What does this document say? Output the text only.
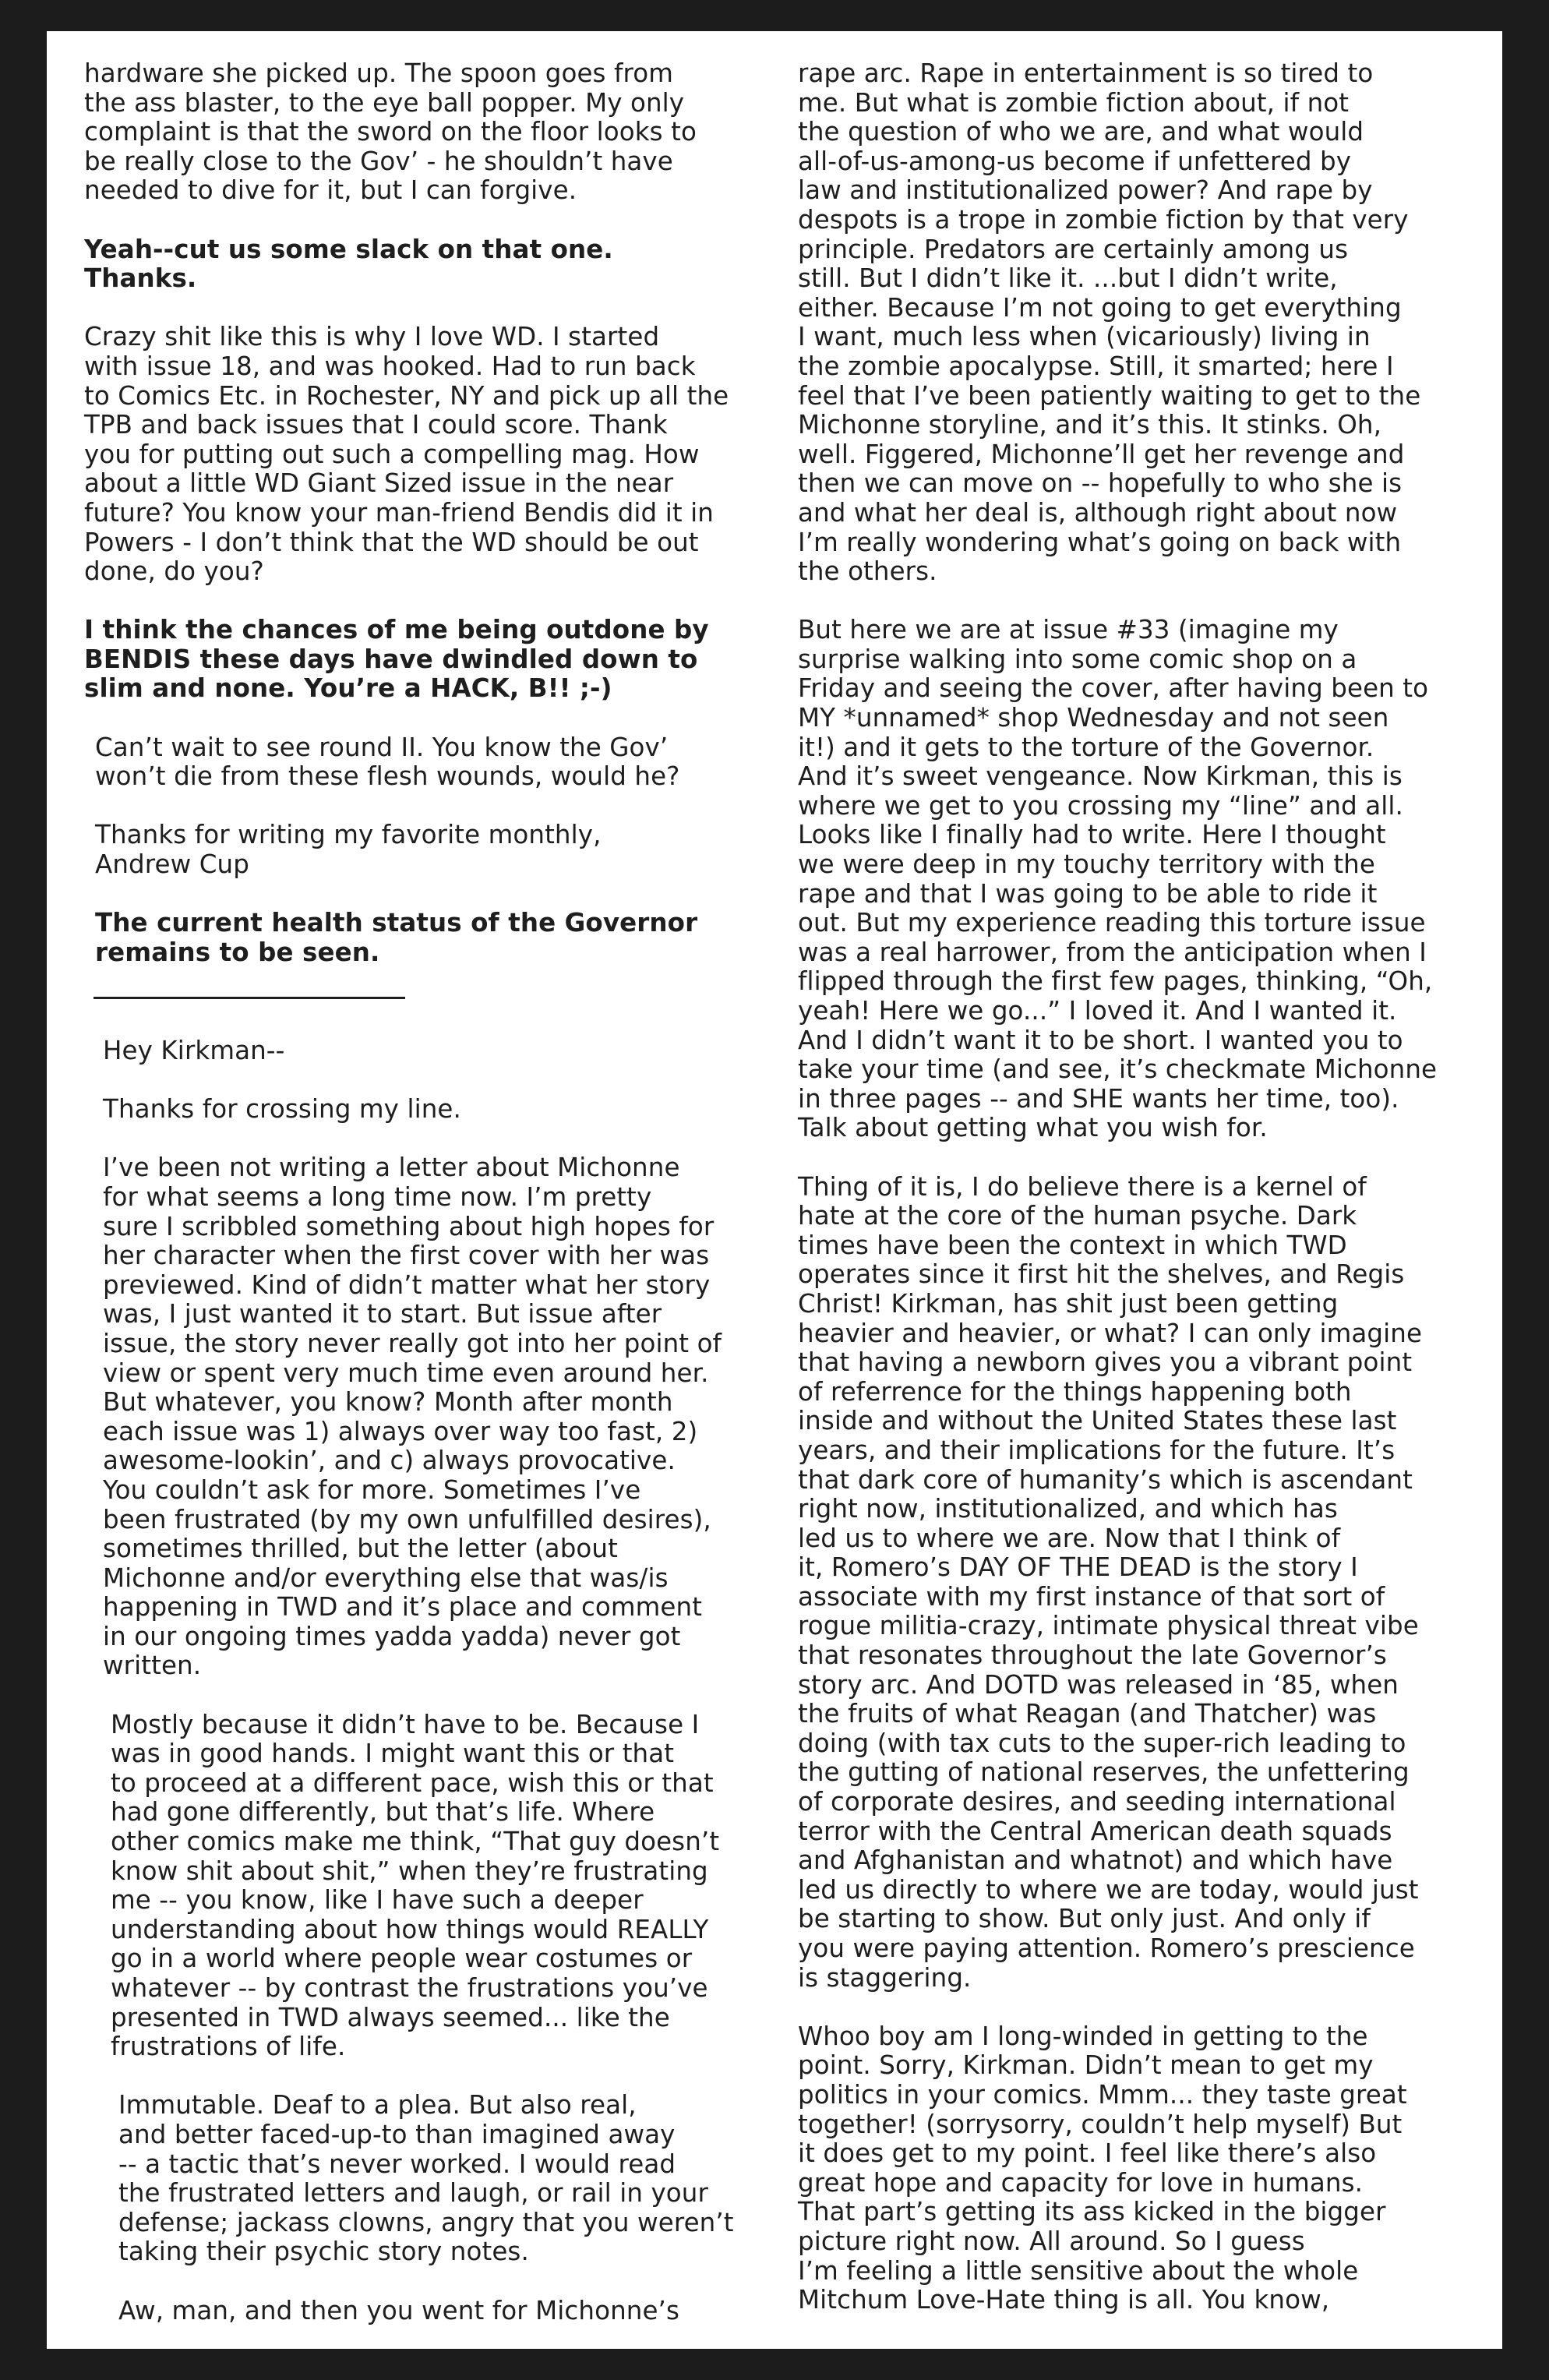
hardware she picked up. The spoon goes from
the ass blaster, to the eye ball popper. My only
complaint is that the sword on the floor looks to
be really close to the Gov’ - he shouldn’t have
needed to dive for it, but I can forgive.

Yeah--cut us some slack on that one.
Thanks.

Crazy shit like this is why I love WD. I started
with issue 18, and was hooked. Had to run back
to Comics Etc. in Rochester, NY and pick up all the
TPB and back issues that I could score. Thank
you for putting out such a compelling mag. How
about a little WD Giant Sized issue in the near
future? You know your man-friend Bendis did it in
Powers - I don’t think that the WD should be out
done, do you?

I think the chances of me being outdone by
BENDIS these days have dwindled down to
slim and none. You’re a HACK, B!! ;-)

Can’t wait to see round II. You know the Gov’
won’t die from these flesh wounds, would he?

Thanks for writing my favorite monthly,
Andrew Cup

The current health status of the Governor
remains to be seen.

Hey Kirkman--

Thanks for crossing my line.

I’ve been not writing a letter about Michonne
for what seems a long time now. I’m pretty
sure I scribbled something about high hopes for
her character when the first cover with her was
previewed. Kind of didn’t matter what her story
was, I just wanted it to start. But issue after
issue, the story never really got into her point of
view or spent very much time even around her.
But whatever, you know? Month after month
each issue was 1) always over way too fast, 2)
awesome-lookin’, and c) always provocative.
You couldn’t ask for more. Sometimes I’ve
been frustrated (by my own unfulfilled desires),
sometimes thrilled, but the letter (about
Michonne and/or everything else that was/is
happening in TWD and it’s place and comment
in our ongoing times yadda yadda) never got
written.

Mostly because it didn’t have to be. Because I
was in good hands. I might want this or that
to proceed at a different pace, wish this or that
had gone differently, but that’s life. Where
other comics make me think, “That guy doesn’t
know shit about shit,” when they’re frustrating
me -- you know, like I have such a deeper
understanding about how things would REALLY
go in a world where people wear costumes or
whatever -- by contrast the frustrations you’ve
presented in TWD always seemed... like the
frustrations of life.

Immutable. Deaf to a plea. But also real,
and better faced-up-to than imagined away
-- a tactic that’s never worked. I would read
the frustrated letters and laugh, or rail in your
defense; jackass clowns, angry that you weren’t
taking their psychic story notes.

Aw, man, and then you went for Michonne’s

rape arc. Rape in entertainment is so tired to
me. But what is zombie fiction about, if not
the question of who we are, and what would
all-of-us-among-us become if unfettered by
law and institutionalized power? And rape by
despots is a trope in zombie fiction by that very
principle. Predators are certainly among us
still. But I didn’t like it. ...but I didn’t write,
either. Because I’m not going to get everything
I want, much less when (vicariously) living in
the zombie apocalypse. Still, it smarted; here I
feel that I’ve been patiently waiting to get to the
Michonne storyline, and it’s this. It stinks. Oh,
well. Figgered, Michonne’ll get her revenge and
then we can move on -- hopefully to who she is
and what her deal is, although right about now
I’m really wondering what’s going on back with
the others.

But here we are at issue #33 (imagine my
surprise walking into some comic shop on a
Friday and seeing the cover, after having been to
MY *unnamed* shop Wednesday and not seen
it!) and it gets to the torture of the Governor.
And it’s sweet vengeance. Now Kirkman, this is
where we get to you crossing my “line” and all.
Looks like I finally had to write. Here I thought
we were deep in my touchy territory with the
rape and that I was going to be able to ride it
out. But my experience reading this torture issue
was a real harrower, from the anticipation when I
flipped through the first few pages, thinking, “Oh,
yeah! Here we go...” I loved it. And I wanted it.
And I didn’t want it to be short. I wanted you to
take your time (and see, it’s checkmate Michonne
in three pages -- and SHE wants her time, too).
Talk about getting what you wish for.

Thing of it is, I do believe there is a kernel of
hate at the core of the human psyche. Dark
times have been the context in which TWD
operates since it first hit the shelves, and Regis
Christ! Kirkman, has shit just been getting
heavier and heavier, or what? I can only imagine
that having a newborn gives you a vibrant point
of referrence for the things happening both
inside and without the United States these last
years, and their implications for the future. It’s
that dark core of humanity’s which is ascendant
right now, institutionalized, and which has
led us to where we are. Now that I think of
it, Romero’s DAY OF THE DEAD is the story I
associate with my first instance of that sort of
rogue militia-crazy, intimate physical threat vibe
that resonates throughout the late Governor’s
story arc. And DOTD was released in ‘85, when
the fruits of what Reagan (and Thatcher) was
doing (with tax cuts to the super-rich leading to
the gutting of national reserves, the unfettering
of corporate desires, and seeding international
terror with the Central American death squads
and Afghanistan and whatnot) and which have
led us directly to where we are today, would just
be starting to show. But only just. And only if
you were paying attention. Romero’s prescience
is staggering.

Whoo boy am I long-winded in getting to the
point. Sorry, Kirkman. Didn’t mean to get my
politics in your comics. Mmm... they taste great
together! (sorrysorry, couldn’t help myself) But
it does get to my point. I feel like there’s also
great hope and capacity for love in humans.
That part’s getting its ass kicked in the bigger
picture right now. All around. So I guess
I’m feeling a little sensitive about the whole
Mitchum Love-Hate thing is all. You know,
